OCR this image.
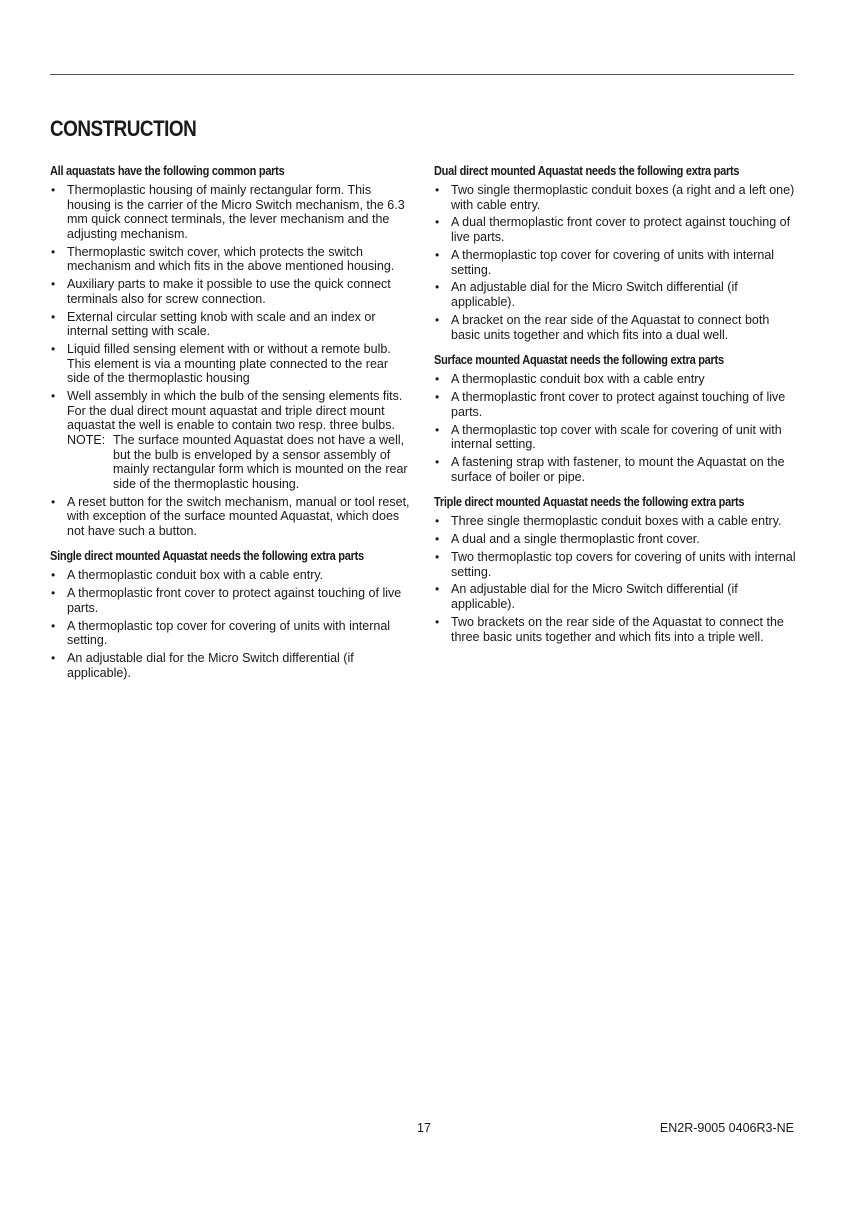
CONSTRUCTION
All aquastats have the following common parts
• Thermoplastic housing of mainly rectangular form. This housing is the carrier of the Micro Switch mechanism, the 6.3 mm quick connect terminals, the lever mechanism and the adjusting mechanism.
• Thermoplastic switch cover, which protects the switch mechanism and which fits in the above mentioned housing.
• Auxiliary parts to make it possible to use the quick connect terminals also for screw connection.
• External circular setting knob with scale and an index or internal setting with scale.
• Liquid filled sensing element with or without a remote bulb. This element is via a mounting plate connected to the rear side of the thermoplastic housing
• Well assembly in which the bulb of the sensing elements fits. For the dual direct mount aquastat and triple direct mount aquastat the well is enable to contain two resp. three bulbs.
NOTE: The surface mounted Aquastat does not have a well, but the bulb is enveloped by a sensor assembly of mainly rectangular form which is mounted on the rear side of the thermoplastic housing.
• A reset button for the switch mechanism, manual or tool reset, with exception of the surface mounted Aquastat, which does not have such a button.
Single direct mounted Aquastat needs the following extra parts
• A thermoplastic conduit box with a cable entry.
• A thermoplastic front cover to protect against touching of live parts.
• A thermoplastic top cover for covering of units with internal setting.
• An adjustable dial for the Micro Switch differential (if applicable).
Dual direct mounted Aquastat needs the following extra parts
• Two single thermoplastic conduit boxes (a right and a left one) with cable entry.
• A dual thermoplastic front cover to protect against touching of live parts.
• A thermoplastic top cover for covering of units with internal setting.
• An adjustable dial for the Micro Switch differential (if applicable).
• A bracket on the rear side of the Aquastat to connect both basic units together and which fits into a dual well.
Surface mounted Aquastat needs the following extra parts
• A thermoplastic conduit box with a cable entry
• A thermoplastic front cover to protect against touching of live parts.
• A thermoplastic top cover with scale for covering of unit with internal setting.
• A fastening strap with fastener, to mount the Aquastat on the surface of boiler or pipe.
Triple direct mounted Aquastat needs the following extra parts
• Three single thermoplastic conduit boxes with a cable entry.
• A dual and a single thermoplastic front cover.
• Two thermoplastic top covers for covering of units with internal setting.
• An adjustable dial for the Micro Switch differential (if applicable).
• Two brackets on the rear side of the Aquastat to connect the three basic units together and which fits into a triple well.
17	EN2R-9005 0406R3-NE
